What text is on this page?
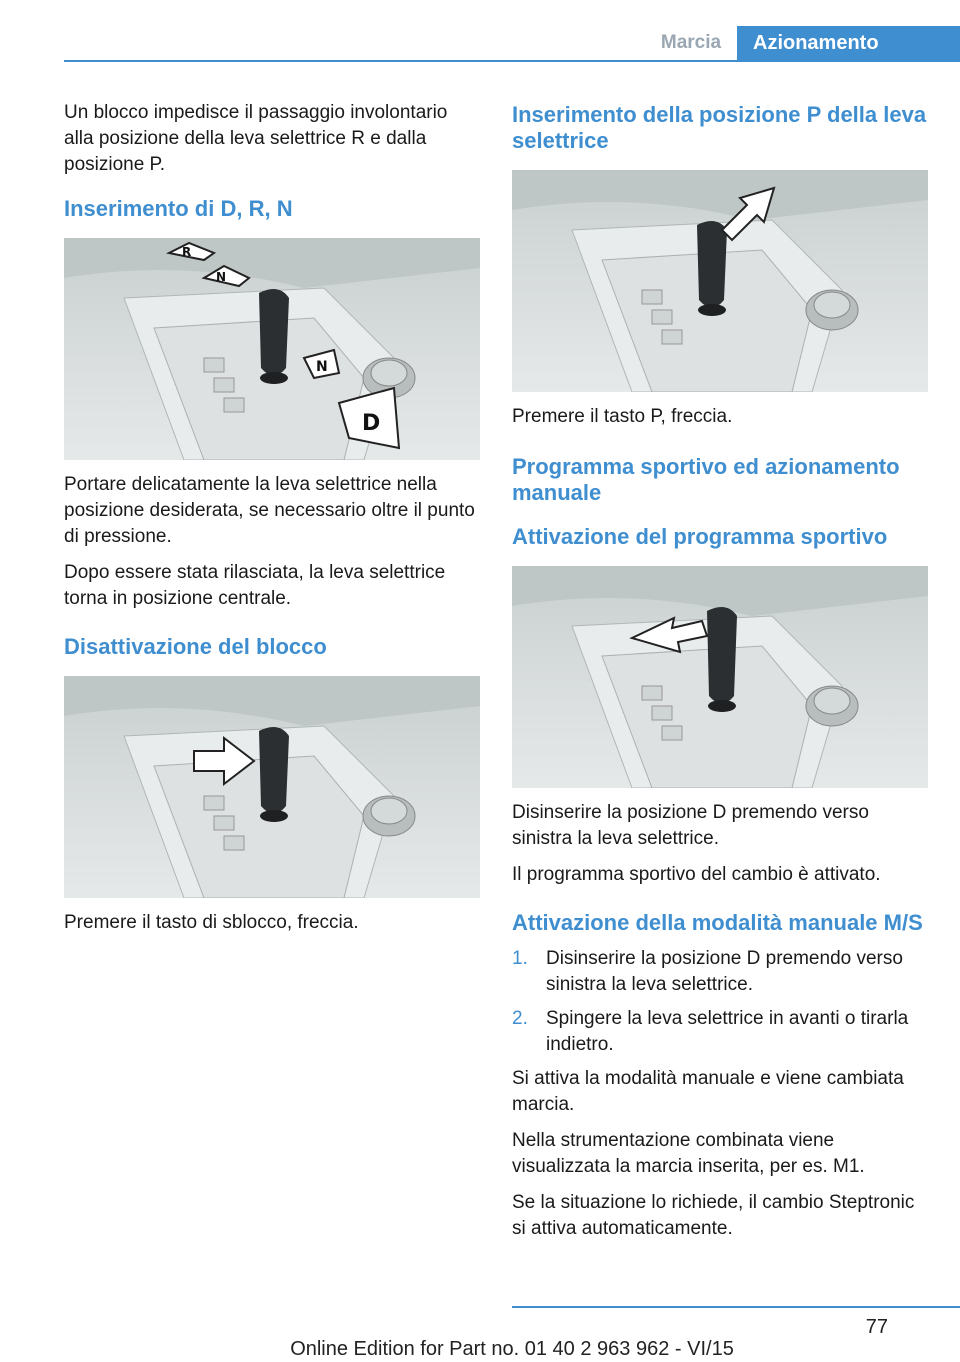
Marcia	Azionamento

Un blocco impedisce il passaggio involontario alla posizione della leva selettrice R e dalla posizione P.

Inserimento di D, R, N
R
N
N
D

Portare delicatamente la leva selettrice nella posizione desiderata, se necessario oltre il punto di pressione.

Dopo essere stata rilasciata, la leva selettrice torna in posizione centrale.

Disattivazione del blocco

Premere il tasto di sblocco, freccia.

Inserimento della posizione P della leva selettrice

Premere il tasto P, freccia.

Programma sportivo ed azionamento manuale
Attivazione del programma sportivo

Disinserire la posizione D premendo verso sinistra la leva selettrice.

Il programma sportivo del cambio è attivato.

Attivazione della modalità manuale M/S
1. Disinserire la posizione D premendo verso sinistra la leva selettrice.
2. Spingere la leva selettrice in avanti o tirarla indietro.

Si attiva la modalità manuale e viene cambiata marcia.

Nella strumentazione combinata viene visualizzata la marcia inserita, per es. M1.

Se la situazione lo richiede, il cambio Steptronic si attiva automaticamente.

77
Online Edition for Part no. 01 40 2 963 962 - VI/15
